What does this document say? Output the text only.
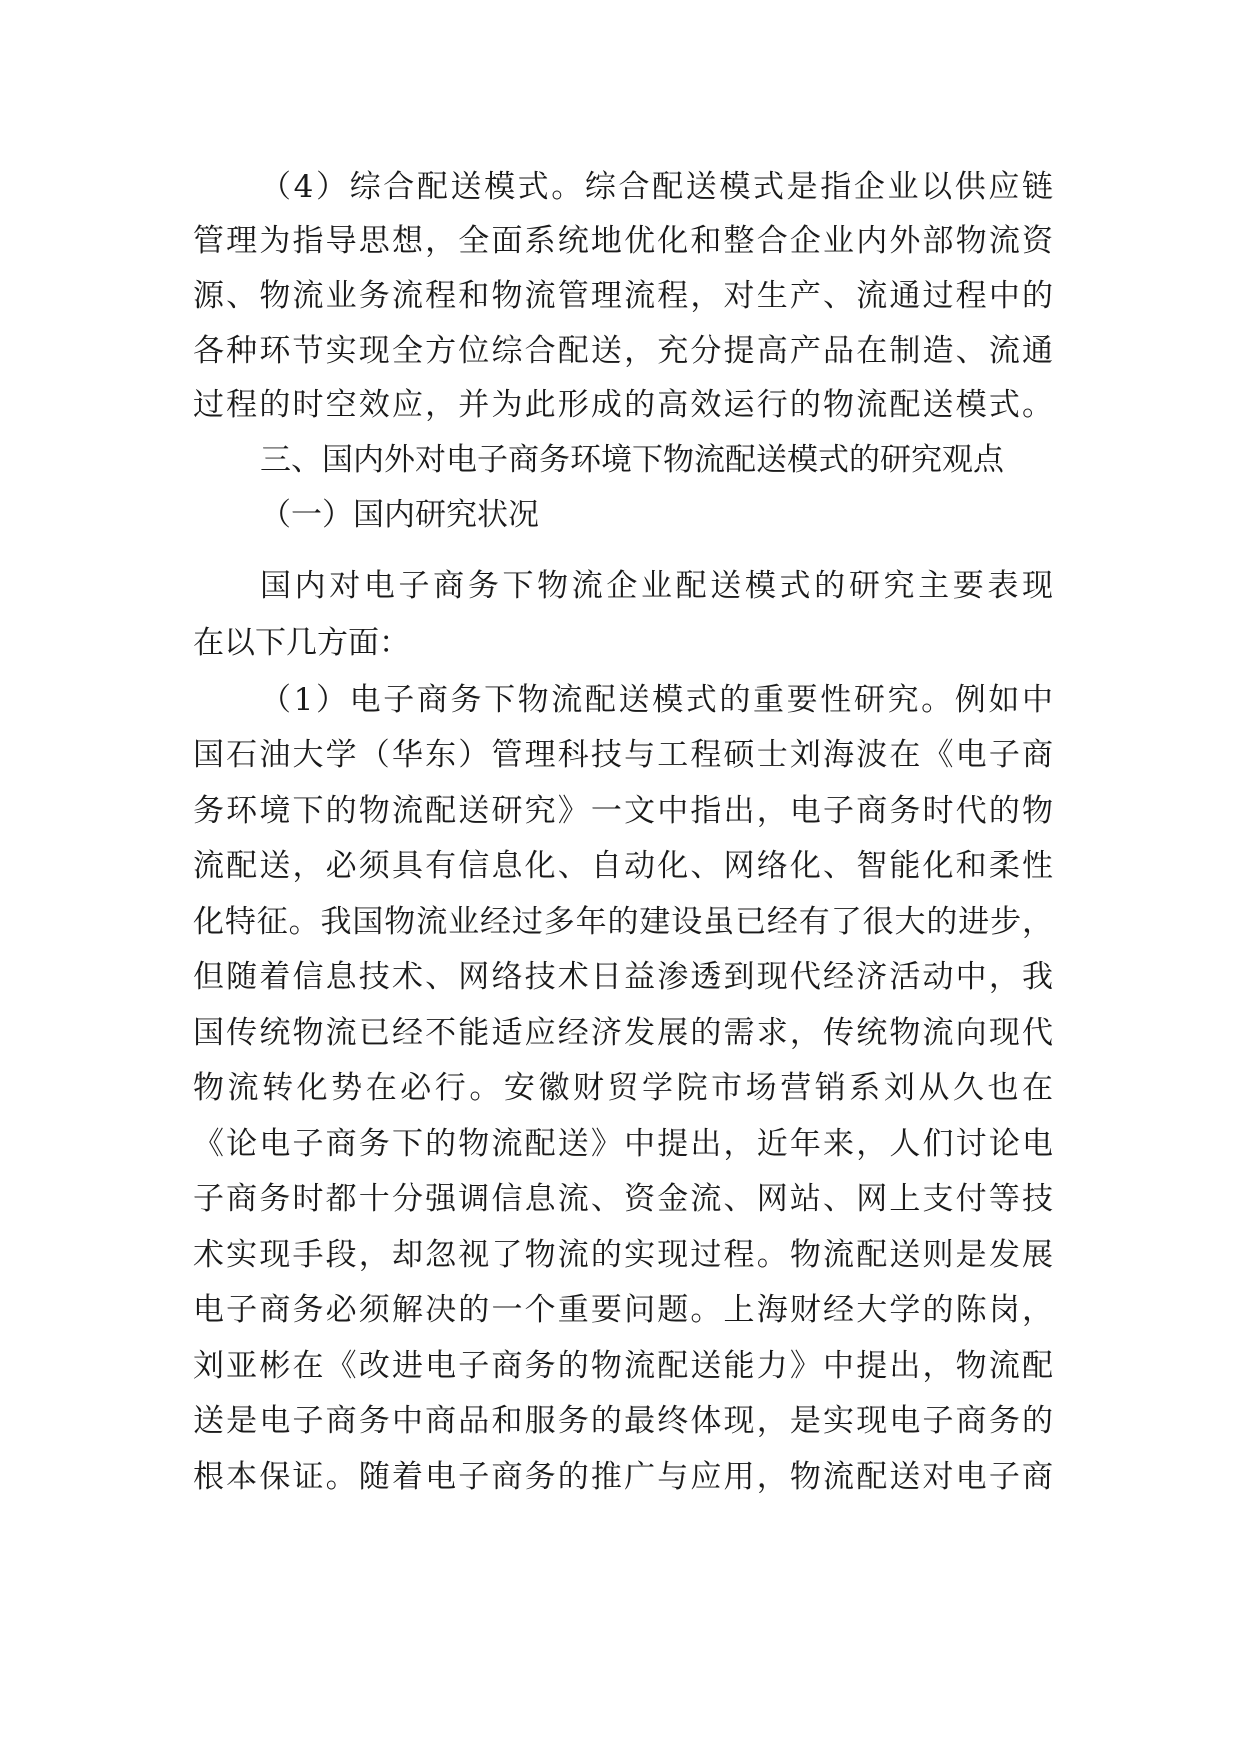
（4）综合配送模式。综合配送模式是指企业以供应链
管理为指导思想，全面系统地优化和整合企业内外部物流资
源、物流业务流程和物流管理流程，对生产、流通过程中的
各种环节实现全方位综合配送，充分提高产品在制造、流通
过程的时空效应，并为此形成的高效运行的物流配送模式。
三、国内外对电子商务环境下物流配送模式的研究观点
（一）国内研究状况
国内对电子商务下物流企业配送模式的研究主要表现
在以下几方面：
（1）电子商务下物流配送模式的重要性研究。例如中
国石油大学（华东）管理科技与工程硕士刘海波在《电子商
务环境下的物流配送研究》一文中指出，电子商务时代的物
流配送，必须具有信息化、自动化、网络化、智能化和柔性
化特征。我国物流业经过多年的建设虽已经有了很大的进步，
但随着信息技术、网络技术日益渗透到现代经济活动中，我
国传统物流已经不能适应经济发展的需求，传统物流向现代
物流转化势在必行。安徽财贸学院市场营销系刘从久也在
《论电子商务下的物流配送》中提出，近年来，人们讨论电
子商务时都十分强调信息流、资金流、网站、网上支付等技
术实现手段，却忽视了物流的实现过程。物流配送则是发展
电子商务必须解决的一个重要问题。上海财经大学的陈岗，
刘亚彬在《改进电子商务的物流配送能力》中提出，物流配
送是电子商务中商品和服务的最终体现，是实现电子商务的
根本保证。随着电子商务的推广与应用，物流配送对电子商
